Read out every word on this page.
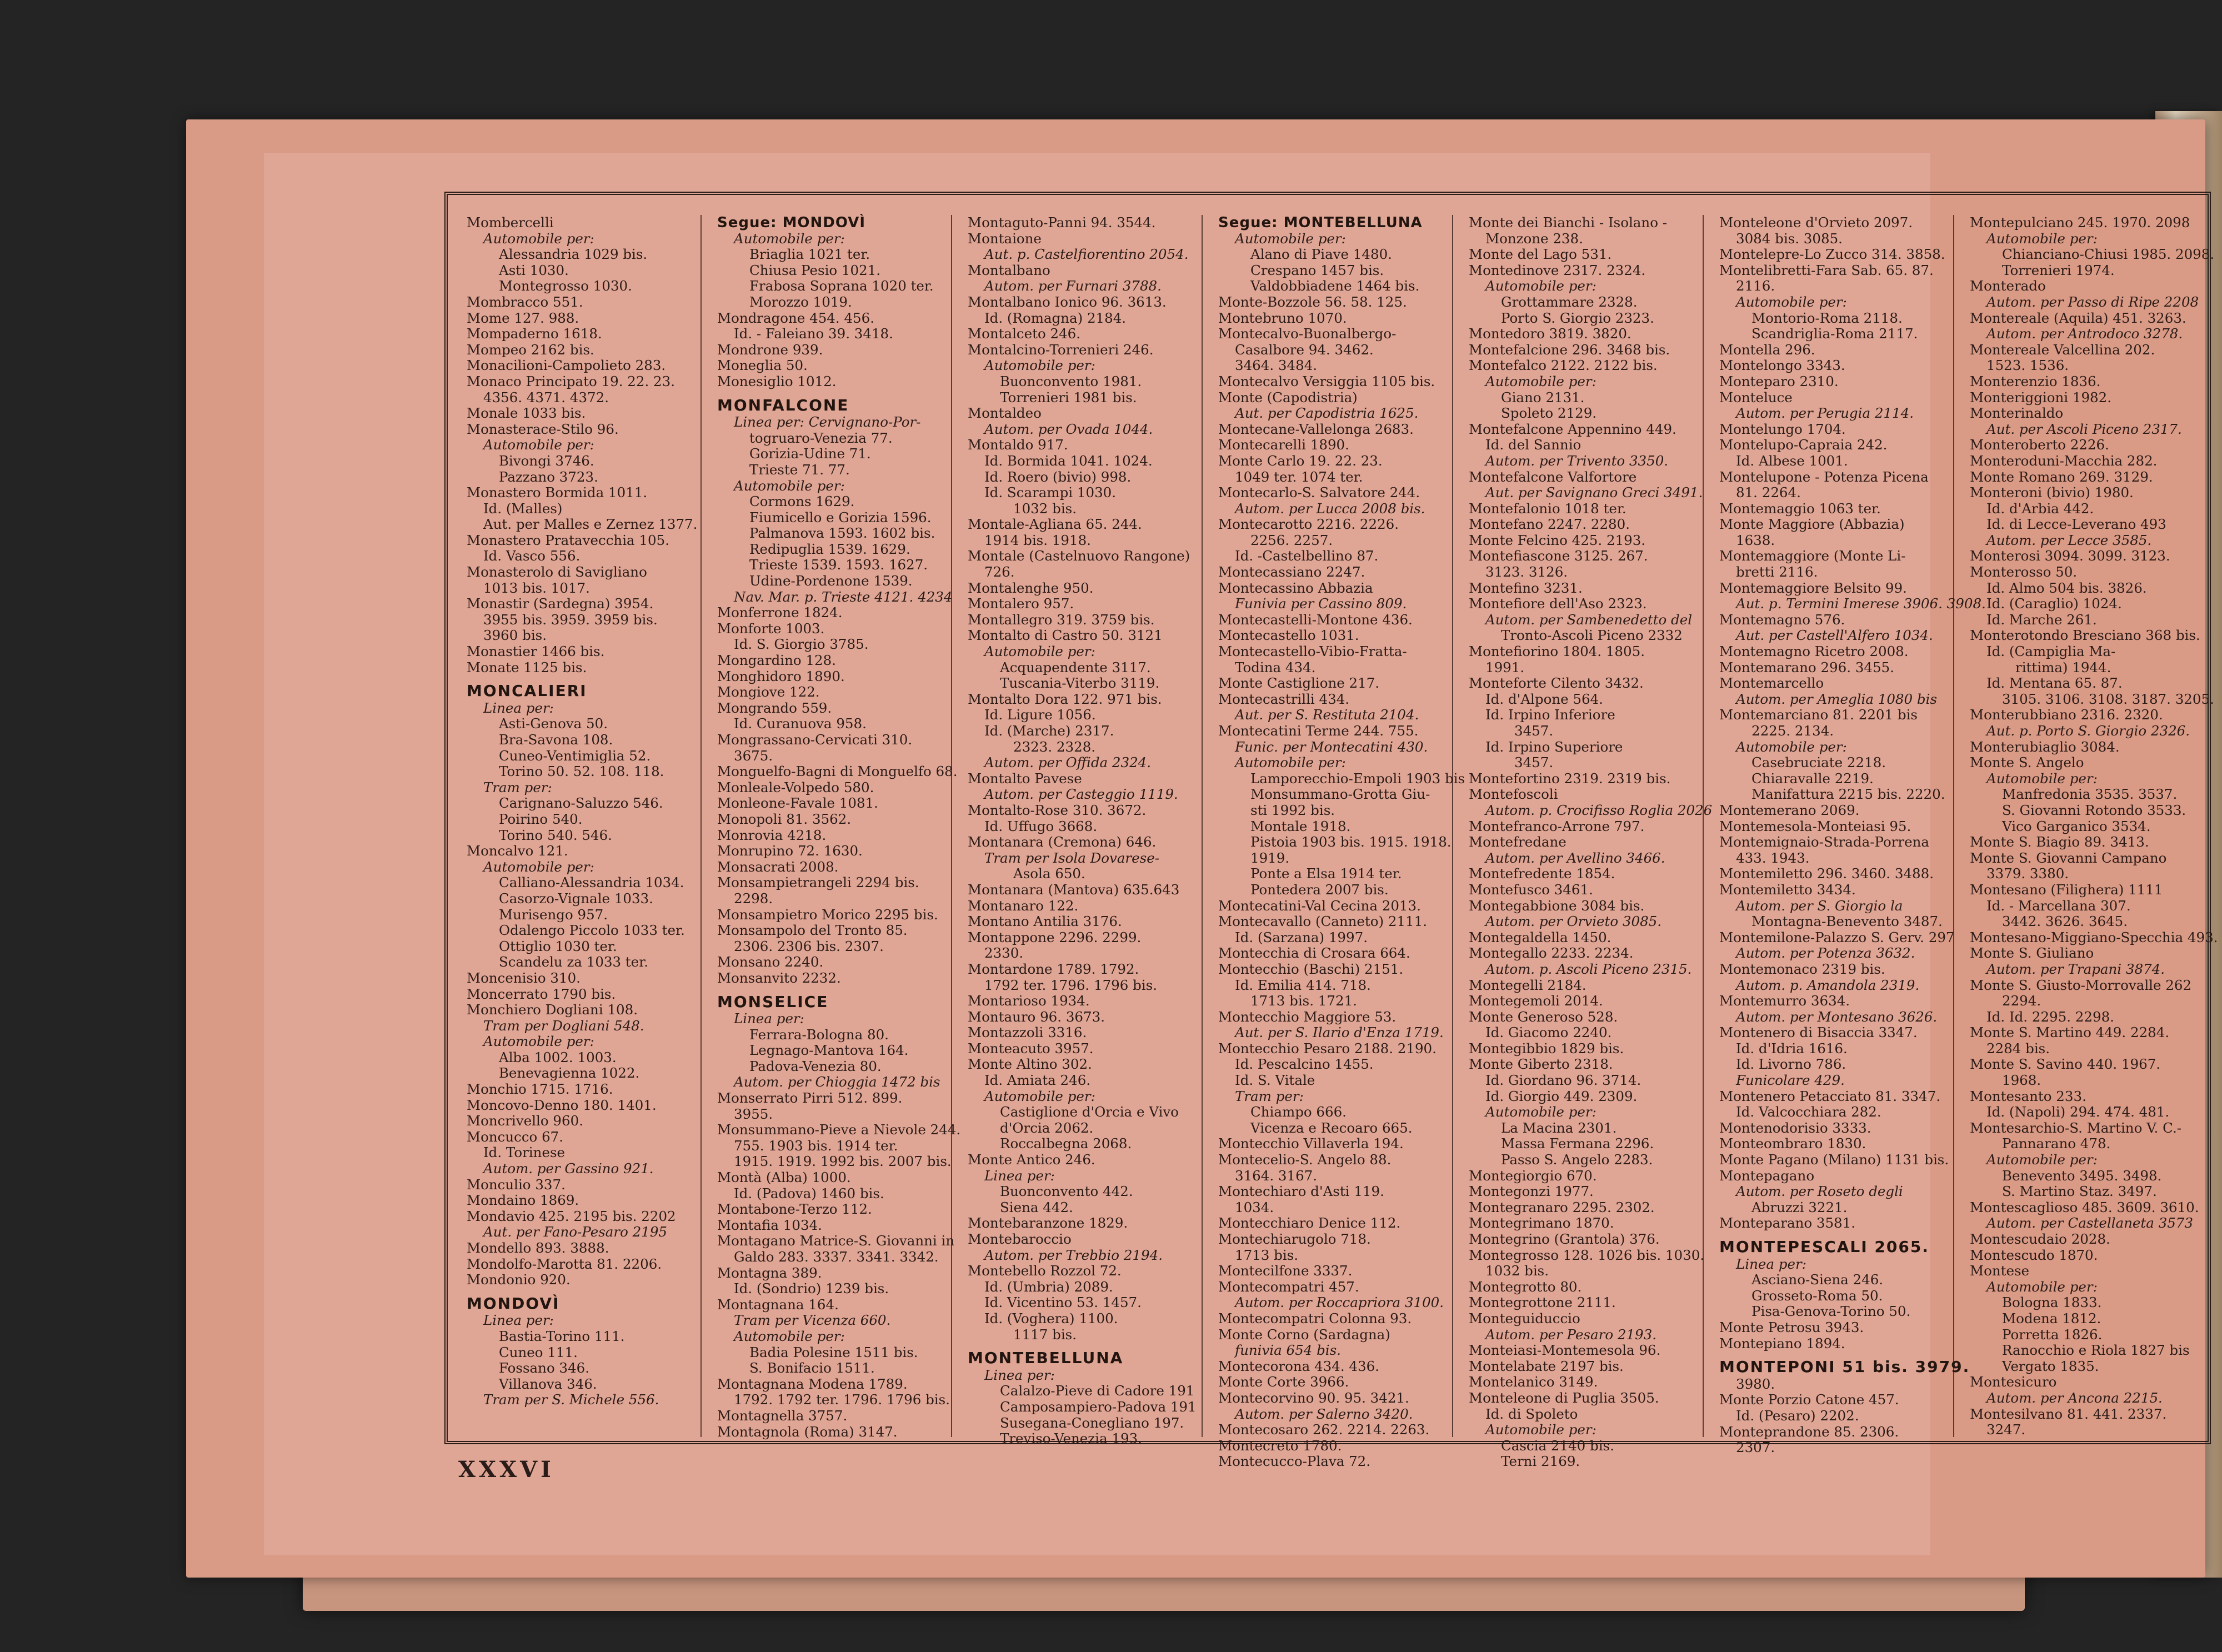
Mombercelli
Automobile per:
Alessandria 1029 bis.
Asti 1030.
Montegrosso 1030.
Mombracco 551.
Mome 127. 988.
Mompaderno 1618.
Mompeo 2162 bis.
Monacilioni-Campolieto 283.
Monaco Principato 19. 22. 23.
4356. 4371. 4372.
Monale 1033 bis.
Monasterace-Stilo 96.
Automobile per:
Bivongi 3746.
Pazzano 3723.
Monastero Bormida 1011.
Id. (Malles)
Aut. per Malles e Zernez 1377.
Monastero Pratavecchia 105.
Id. Vasco 556.
Monasterolo di Savigliano
1013 bis. 1017.
Monastir (Sardegna) 3954.
3955 bis. 3959. 3959 bis.
3960 bis.
Monastier 1466 bis.
Monate 1125 bis.
MONCALIERI
Linea per:
Asti-Genova 50.
Bra-Savona 108.
Cuneo-Ventimiglia 52.
Torino 50. 52. 108. 118.
Tram per:
Carignano-Saluzzo 546.
Poirino 540.
Torino 540. 546.
Moncalvo 121.
Automobile per:
Calliano-Alessandria 1034.
Casorzo-Vignale 1033.
Murisengo 957.
Odalengo Piccolo 1033 ter.
Ottiglio 1030 ter.
Scandelu za 1033 ter.
Moncenisio 310.
Moncerrato 1790 bis.
Monchiero Dogliani 108.
Tram per Dogliani 548.
Automobile per:
Alba 1002. 1003.
Benevagienna 1022.
Monchio 1715. 1716.
Moncovo-Denno 180. 1401.
Moncrivello 960.
Moncucco 67.
Id. Torinese
Autom. per Gassino 921.
Monculio 337.
Mondaino 1869.
Mondavio 425. 2195 bis. 2202
Aut. per Fano-Pesaro 2195
Mondello 893. 3888.
Mondolfo-Marotta 81. 2206.
Mondonio 920.
MONDOVÌ
Linea per:
Bastia-Torino 111.
Cuneo 111.
Fossano 346.
Villanova 346.
Tram per S. Michele 556.
Segue: MONDOVÌ
Automobile per:
Briaglia 1021 ter.
Chiusa Pesio 1021.
Frabosa Soprana 1020 ter.
Morozzo 1019.
Mondragone 454. 456.
Id. - Faleiano 39. 3418.
Mondrone 939.
Moneglia 50.
Monesiglio 1012.
MONFALCONE
Linea per: Cervignano-Por-
togruaro-Venezia 77.
Gorizia-Udine 71.
Trieste 71. 77.
Automobile per:
Cormons 1629.
Fiumicello e Gorizia 1596.
Palmanova 1593. 1602 bis.
Redipuglia 1539. 1629.
Trieste 1539. 1593. 1627.
Udine-Pordenone 1539.
Nav. Mar. p. Trieste 4121. 4234
Monferrone 1824.
Monforte 1003.
Id. S. Giorgio 3785.
Mongardino 128.
Monghidoro 1890.
Mongiove 122.
Mongrando 559.
Id. Curanuova 958.
Mongrassano-Cervicati 310.
3675.
Monguelfo-Bagni di Monguelfo 68.
Monleale-Volpedo 580.
Monleone-Favale 1081.
Monopoli 81. 3562.
Monrovia 4218.
Monrupino 72. 1630.
Monsacrati 2008.
Monsampietrangeli 2294 bis.
2298.
Monsampietro Morico 2295 bis.
Monsampolo del Tronto 85.
2306. 2306 bis. 2307.
Monsano 2240.
Monsanvito 2232.
MONSELICE
Linea per:
Ferrara-Bologna 80.
Legnago-Mantova 164.
Padova-Venezia 80.
Autom. per Chioggia 1472 bis
Monserrato Pirri 512. 899.
3955.
Monsummano-Pieve a Nievole 244.
755. 1903 bis. 1914 ter.
1915. 1919. 1992 bis. 2007 bis.
Montà (Alba) 1000.
Id. (Padova) 1460 bis.
Montabone-Terzo 112.
Montafia 1034.
Montagano Matrice-S. Giovanni in
Galdo 283. 3337. 3341. 3342.
Montagna 389.
Id. (Sondrio) 1239 bis.
Montagnana 164.
Tram per Vicenza 660.
Automobile per:
Badia Polesine 1511 bis.
S. Bonifacio 1511.
Montagnana Modena 1789.
1792. 1792 ter. 1796. 1796 bis.
Montagnella 3757.
Montagnola (Roma) 3147.
Montaguto-Panni 94. 3544.
Montaione
Aut. p. Castelfiorentino 2054.
Montalbano
Autom. per Furnari 3788.
Montalbano Ionico 96. 3613.
Id. (Romagna) 2184.
Montalceto 246.
Montalcino-Torrenieri 246.
Automobile per:
Buonconvento 1981.
Torrenieri 1981 bis.
Montaldeo
Autom. per Ovada 1044.
Montaldo 917.
Id. Bormida 1041. 1024.
Id. Roero (bivio) 998.
Id. Scarampi 1030.
1032 bis.
Montale-Agliana 65. 244.
1914 bis. 1918.
Montale (Castelnuovo Rangone)
726.
Montalenghe 950.
Montalero 957.
Montallegro 319. 3759 bis.
Montalto di Castro 50. 3121
Automobile per:
Acquapendente 3117.
Tuscania-Viterbo 3119.
Montalto Dora 122. 971 bis.
Id. Ligure 1056.
Id. (Marche) 2317.
2323. 2328.
Autom. per Offida 2324.
Montalto Pavese
Autom. per Casteggio 1119.
Montalto-Rose 310. 3672.
Id. Uffugo 3668.
Montanara (Cremona) 646.
Tram per Isola Dovarese-
Asola 650.
Montanara (Mantova) 635.643
Montanaro 122.
Montano Antilia 3176.
Montappone 2296. 2299.
2330.
Montardone 1789. 1792.
1792 ter. 1796. 1796 bis.
Montarioso 1934.
Montauro 96. 3673.
Montazzoli 3316.
Monteacuto 3957.
Monte Altino 302.
Id. Amiata 246.
Automobile per:
Castiglione d'Orcia e Vivo
d'Orcia 2062.
Roccalbegna 2068.
Monte Antico 246.
Linea per:
Buonconvento 442.
Siena 442.
Montebaranzone 1829.
Montebaroccio
Autom. per Trebbio 2194.
Montebello Rozzol 72.
Id. (Umbria) 2089.
Id. Vicentino 53. 1457.
Id. (Voghera) 1100.
1117 bis.
MONTEBELLUNA
Linea per:
Calalzo-Pieve di Cadore 191
Camposampiero-Padova 191
Susegana-Conegliano 197.
Treviso-Venezia 193.
Segue: MONTEBELLUNA
Automobile per:
Alano di Piave 1480.
Crespano 1457 bis.
Valdobbiadene 1464 bis.
Monte-Bozzole 56. 58. 125.
Montebruno 1070.
Montecalvo-Buonalbergo-
Casalbore 94. 3462.
3464. 3484.
Montecalvo Versiggia 1105 bis.
Monte (Capodistria)
Aut. per Capodistria 1625.
Montecane-Vallelonga 2683.
Montecarelli 1890.
Monte Carlo 19. 22. 23.
1049 ter. 1074 ter.
Montecarlo-S. Salvatore 244.
Autom. per Lucca 2008 bis.
Montecarotto 2216. 2226.
2256. 2257.
Id. -Castelbellino 87.
Montecassiano 2247.
Montecassino Abbazia
Funivia per Cassino 809.
Montecastelli-Montone 436.
Montecastello 1031.
Montecastello-Vibio-Fratta-
Todina 434.
Monte Castiglione 217.
Montecastrilli 434.
Aut. per S. Restituta 2104.
Montecatini Terme 244. 755.
Funic. per Montecatini 430.
Automobile per:
Lamporecchio-Empoli 1903 bis
Monsummano-Grotta Giu-
sti 1992 bis.
Montale 1918.
Pistoia 1903 bis. 1915. 1918.
1919.
Ponte a Elsa 1914 ter.
Pontedera 2007 bis.
Montecatini-Val Cecina 2013.
Montecavallo (Canneto) 2111.
Id. (Sarzana) 1997.
Montecchia di Crosara 664.
Montecchio (Baschi) 2151.
Id. Emilia 414. 718.
1713 bis. 1721.
Montecchio Maggiore 53.
Aut. per S. Ilario d'Enza 1719.
Montecchio Pesaro 2188. 2190.
Id. Pescalcino 1455.
Id. S. Vitale
Tram per:
Chiampo 666.
Vicenza e Recoaro 665.
Montecchio Villaverla 194.
Montecelio-S. Angelo 88.
3164. 3167.
Montechiaro d'Asti 119.
1034.
Montecchiaro Denice 112.
Montechiarugolo 718.
1713 bis.
Montecilfone 3337.
Montecompatri 457.
Autom. per Roccapriora 3100.
Montecompatri Colonna 93.
Monte Corno (Sardagna)
funivia 654 bis.
Montecorona 434. 436.
Monte Corte 3966.
Montecorvino 90. 95. 3421.
Autom. per Salerno 3420.
Montecosaro 262. 2214. 2263.
Montecreto 1780.
Montecucco-Plava 72.
Monte dei Bianchi - Isolano -
Monzone 238.
Monte del Lago 531.
Montedinove 2317. 2324.
Automobile per:
Grottammare 2328.
Porto S. Giorgio 2323.
Montedoro 3819. 3820.
Montefalcione 296. 3468 bis.
Montefalco 2122. 2122 bis.
Automobile per:
Giano 2131.
Spoleto 2129.
Montefalcone Appennino 449.
Id. del Sannio
Autom. per Trivento 3350.
Montefalcone Valfortore
Aut. per Savignano Greci 3491.
Montefalonio 1018 ter.
Montefano 2247. 2280.
Monte Felcino 425. 2193.
Montefiascone 3125. 267.
3123. 3126.
Montefino 3231.
Montefiore dell'Aso 2323.
Autom. per Sambenedetto del
Tronto-Ascoli Piceno 2332
Montefiorino 1804. 1805.
1991.
Monteforte Cilento 3432.
Id. d'Alpone 564.
Id. Irpino Inferiore
3457.
Id. Irpino Superiore
3457.
Montefortino 2319. 2319 bis.
Montefoscoli
Autom. p. Crocifisso Roglia 2026
Montefranco-Arrone 797.
Montefredane
Autom. per Avellino 3466.
Montefredente 1854.
Montefusco 3461.
Montegabbione 3084 bis.
Autom. per Orvieto 3085.
Montegaldella 1450.
Montegallo 2233. 2234.
Autom. p. Ascoli Piceno 2315.
Montegelli 2184.
Montegemoli 2014.
Monte Generoso 528.
Id. Giacomo 2240.
Montegibbio 1829 bis.
Monte Giberto 2318.
Id. Giordano 96. 3714.
Id. Giorgio 449. 2309.
Automobile per:
La Macina 2301.
Massa Fermana 2296.
Passo S. Angelo 2283.
Montegiorgio 670.
Montegonzi 1977.
Montegranaro 2295. 2302.
Montegrimano 1870.
Montegrino (Grantola) 376.
Montegrosso 128. 1026 bis. 1030.
1032 bis.
Montegrotto 80.
Montegrottone 2111.
Monteguiduccio
Autom. per Pesaro 2193.
Monteiasi-Montemesola 96.
Montelabate 2197 bis.
Montelanico 3149.
Monteleone di Puglia 3505.
Id. di Spoleto
Automobile per:
Cascia 2140 bis.
Terni 2169.
Monteleone d'Orvieto 2097.
3084 bis. 3085.
Montelepre-Lo Zucco 314. 3858.
Montelibretti-Fara Sab. 65. 87.
2116.
Automobile per:
Montorio-Roma 2118.
Scandriglia-Roma 2117.
Montella 296.
Montelongo 3343.
Monteparo 2310.
Monteluce
Autom. per Perugia 2114.
Montelungo 1704.
Montelupo-Capraia 242.
Id. Albese 1001.
Montelupone - Potenza Picena
81. 2264.
Montemaggio 1063 ter.
Monte Maggiore (Abbazia)
1638.
Montemaggiore (Monte Li-
bretti 2116.
Montemaggiore Belsito 99.
Aut. p. Termini Imerese 3906. 3908.
Montemagno 576.
Aut. per Castell'Alfero 1034.
Montemagno Ricetro 2008.
Montemarano 296. 3455.
Montemarcello
Autom. per Ameglia 1080 bis
Montemarciano 81. 2201 bis
2225. 2134.
Automobile per:
Casebruciate 2218.
Chiaravalle 2219.
Manifattura 2215 bis. 2220.
Montemerano 2069.
Montemesola-Monteiasi 95.
Montemignaio-Strada-Porrena
433. 1943.
Montemiletto 296. 3460. 3488.
Montemiletto 3434.
Autom. per S. Giorgio la
Montagna-Benevento 3487.
Montemilone-Palazzo S. Gerv. 297
Autom. per Potenza 3632.
Montemonaco 2319 bis.
Autom. p. Amandola 2319.
Montemurro 3634.
Autom. per Montesano 3626.
Montenero di Bisaccia 3347.
Id. d'Idria 1616.
Id. Livorno 786.
Funicolare 429.
Montenero Petacciato 81. 3347.
Id. Valcocchiara 282.
Montenodorisio 3333.
Monteombraro 1830.
Monte Pagano (Milano) 1131 bis.
Montepagano
Autom. per Roseto degli
Abruzzi 3221.
Monteparano 3581.
MONTEPESCALI 2065.
Linea per:
Asciano-Siena 246.
Grosseto-Roma 50.
Pisa-Genova-Torino 50.
Monte Petrosu 3943.
Montepiano 1894.
MONTEPONI 51 bis. 3979.
3980.
Monte Porzio Catone 457.
Id. (Pesaro) 2202.
Monteprandone 85. 2306.
2307.
Montepulciano 245. 1970. 2098
Automobile per:
Chianciano-Chiusi 1985. 2098.
Torrenieri 1974.
Monterado
Autom. per Passo di Ripe 2208
Montereale (Aquila) 451. 3263.
Autom. per Antrodoco 3278.
Montereale Valcellina 202.
1523. 1536.
Monterenzio 1836.
Monteriggioni 1982.
Monterinaldo
Aut. per Ascoli Piceno 2317.
Monteroberto 2226.
Monteroduni-Macchia 282.
Monte Romano 269. 3129.
Monteroni (bivio) 1980.
Id. d'Arbia 442.
Id. di Lecce-Leverano 493
Autom. per Lecce 3585.
Monterosi 3094. 3099. 3123.
Monterosso 50.
Id. Almo 504 bis. 3826.
Id. (Caraglio) 1024.
Id. Marche 261.
Monterotondo Bresciano 368 bis.
Id. (Campiglia Ma-
rittima) 1944.
Id. Mentana 65. 87.
3105. 3106. 3108. 3187. 3205.
Monterubbiano 2316. 2320.
Aut. p. Porto S. Giorgio 2326.
Monterubiaglio 3084.
Monte S. Angelo
Automobile per:
Manfredonia 3535. 3537.
S. Giovanni Rotondo 3533.
Vico Garganico 3534.
Monte S. Biagio 89. 3413.
Monte S. Giovanni Campano
3379. 3380.
Montesano (Filighera) 1111
Id. - Marcellana 307.
3442. 3626. 3645.
Montesano-Miggiano-Specchia 493.
Monte S. Giuliano
Autom. per Trapani 3874.
Monte S. Giusto-Morrovalle 262
2294.
Id. Id. 2295. 2298.
Monte S. Martino 449. 2284.
2284 bis.
Monte S. Savino 440. 1967.
1968.
Montesanto 233.
Id. (Napoli) 294. 474. 481.
Montesarchio-S. Martino V. C.-
Pannarano 478.
Automobile per:
Benevento 3495. 3498.
S. Martino Staz. 3497.
Montescaglioso 485. 3609. 3610.
Autom. per Castellaneta 3573
Montescudaio 2028.
Montescudo 1870.
Montese
Automobile per:
Bologna 1833.
Modena 1812.
Porretta 1826.
Ranocchio e Riola 1827 bis
Vergato 1835.
Montesicuro
Autom. per Ancona 2215.
Montesilvano 81. 441. 2337.
3247.
XXXVI
